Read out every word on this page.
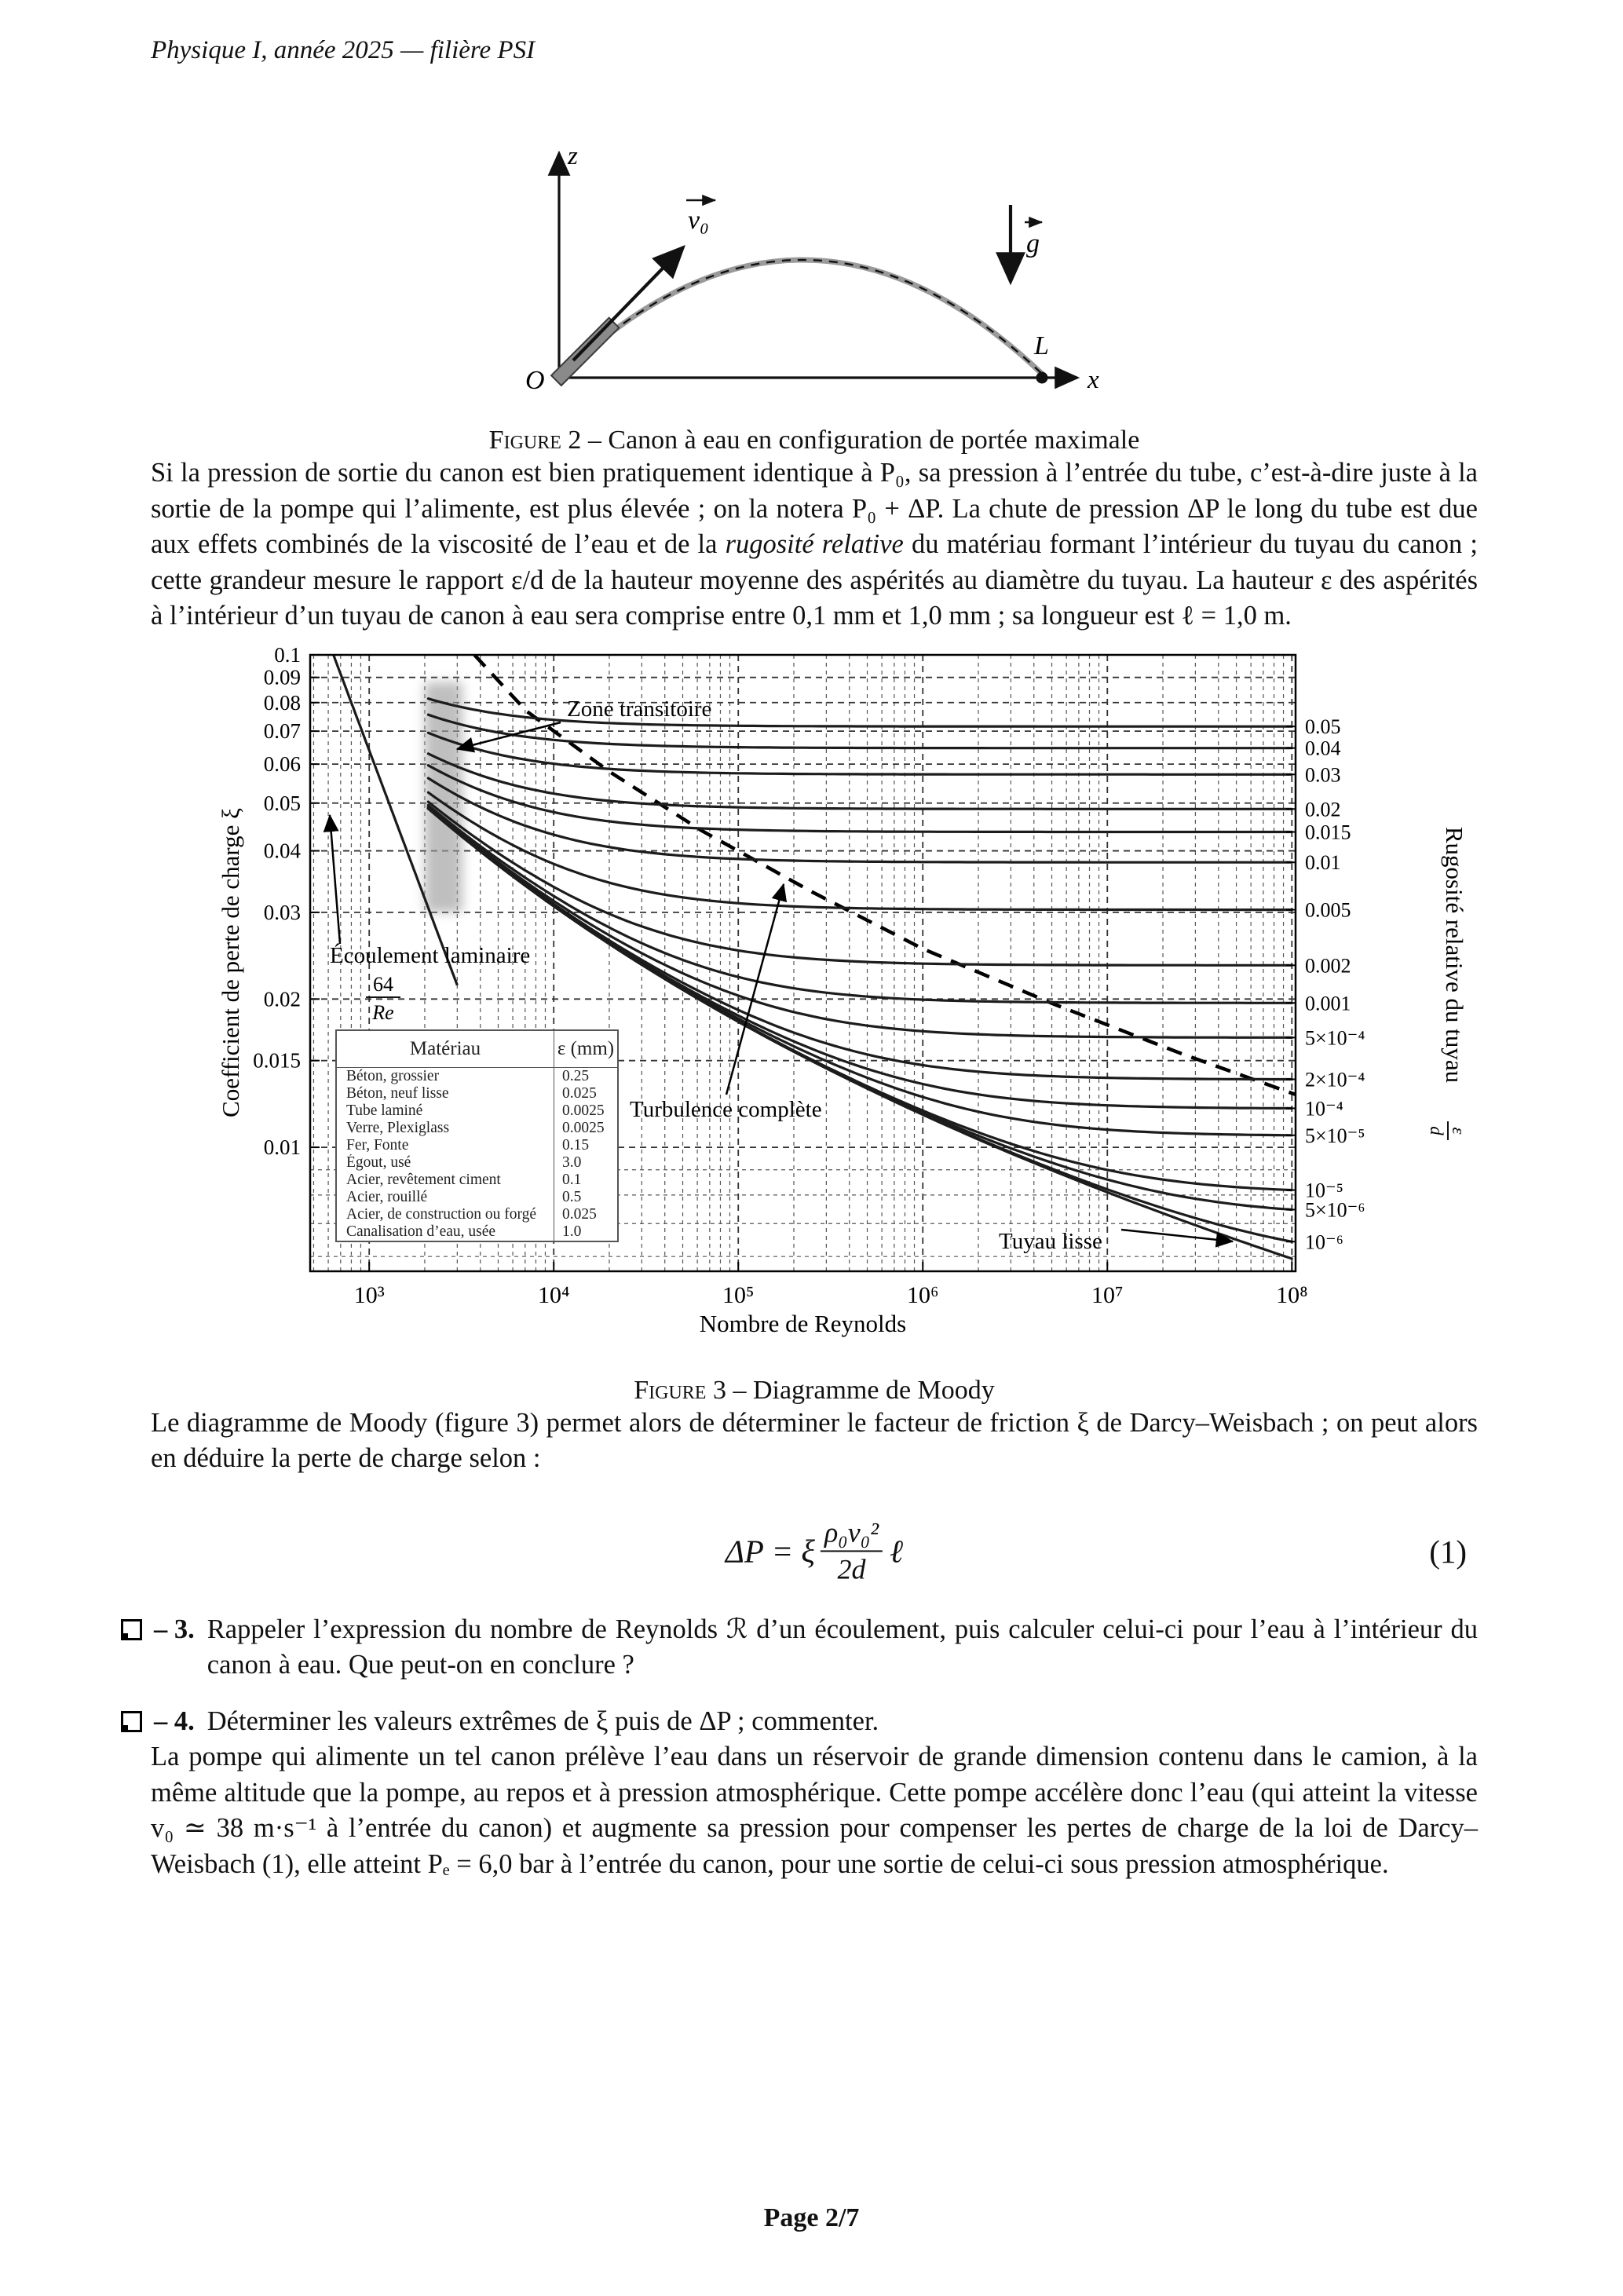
Physique I, année 2025 — filière PSI
v₀
g
L
z
x
O
Figure 2 – Canon à eau en configuration de portée maximale

Si la pression de sortie du canon est bien pratiquement identique à P₀, sa pression à l’entrée du tube, c’est-à-dire juste à la sortie de la pompe qui l’alimente, est plus élevée ; on la notera P₀ + ΔP. La chute de pression ΔP le long du tube est due aux effets combinés de la viscosité de l’eau et de la rugosité relative du matériau formant l’intérieur du tuyau du canon ; cette grandeur mesure le rapport ε/d de la hauteur moyenne des aspérités au diamètre du tuyau. La hauteur ε des aspérités à l’intérieur d’un tuyau de canon à eau sera comprise entre 0,1 mm et 1,0 mm ; sa longueur est ℓ = 1,0 m.

10³	10⁴	10⁵	10⁶	10⁷	10⁸
0.1
0.09
0.08
0.07
0.06
0.05
0.04
0.03
0.02
0.015
0.01
0.05
0.04
0.03
0.02
0.015
0.01
0.005
0.002
0.001
5×10⁻⁴
2×10⁻⁴
10⁻⁴
5×10⁻⁵
10⁻⁵
5×10⁻⁶
10⁻⁶
Coefficient de perte de charge ξ
Nombre de Reynolds
Rugosité relative du tuyau
ε
d
Zone transitoire
Écoulement laminaire
64
Re
Turbulence complète
Tuyau lisse
Matériau	ε (mm)
Béton, grossier	0.25
Béton, neuf lisse	0.025
Tube laminé	0.0025
Verre, Plexiglass	0.0025
Fer, Fonte	0.15
Égout, usé	3.0
Acier, revêtement ciment	0.1
Acier, rouillé	0.5
Acier, de construction ou forgé	0.025
Canalisation d’eau, usée	1.0
Figure 3 – Diagramme de Moody

Le diagramme de Moody (figure 3) permet alors de déterminer le facteur de friction ξ de Darcy–Weisbach ; on peut alors en déduire la perte de charge selon :

ΔP = ξ $\frac{\text{ρ₀v₀²}}{2d}$ ℓ	(1)
– 3. Rappeler l’expression du nombre de Reynolds ℛ d’un écoulement, puis calculer celui-ci pour l’eau à l’intérieur du canon à eau. Que peut-on en conclure ?
– 4. Déterminer les valeurs extrêmes de ξ puis de ΔP ; commenter.

La pompe qui alimente un tel canon prélève l’eau dans un réservoir de grande dimension contenu dans le camion, à la même altitude que la pompe, au repos et à pression atmosphérique. Cette pompe accélère donc l’eau (qui atteint la vitesse v₀ ≃ 38 m·s⁻¹ à l’entrée du canon) et augmente sa pression pour compenser les pertes de charge de la loi de Darcy–Weisbach (1), elle atteint Pₑ = 6,0 bar à l’entrée du canon, pour une sortie de celui-ci sous pression atmosphérique.

Page 2/7
